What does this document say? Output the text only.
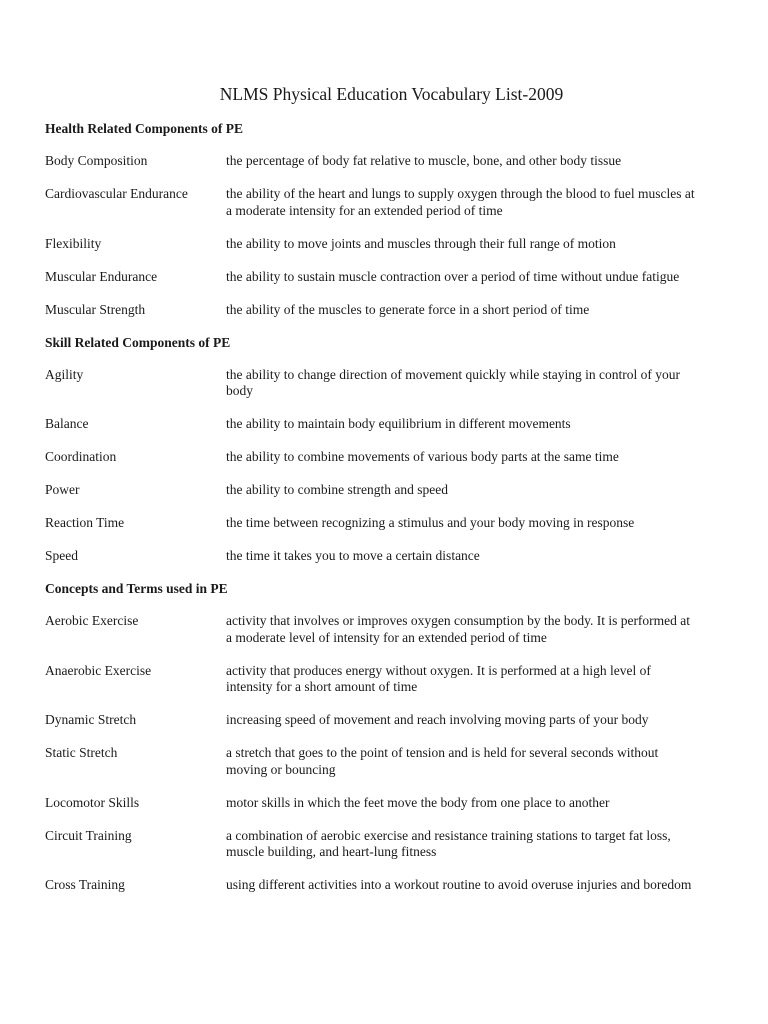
NLMS Physical Education Vocabulary List-2009
Health Related Components of PE
Body Composition	the percentage of body fat relative to muscle, bone, and other body tissue
Cardiovascular Endurance	the ability of the heart and lungs to supply oxygen through the blood to fuel muscles at a moderate intensity for an extended period of time
Flexibility	the ability to move joints and muscles through their full range of motion
Muscular Endurance	the ability to sustain muscle contraction over a period of time without undue fatigue
Muscular Strength	the ability of the muscles to generate force in a short period of time
Skill Related Components of PE
Agility	the ability to change direction of movement quickly while staying in control of your body
Balance	the ability to maintain body equilibrium in different movements
Coordination	the ability to combine movements of various body parts at the same time
Power	the ability to combine strength and speed
Reaction Time	the time between recognizing a stimulus and your body moving in response
Speed	the time it takes you to move a certain distance
Concepts and Terms used in PE
Aerobic Exercise	activity that involves or improves oxygen consumption by the body. It is performed at a moderate level of intensity for an extended period of time
Anaerobic Exercise	activity that produces energy without oxygen. It is performed at a high level of intensity for a short amount of time
Dynamic Stretch	increasing speed of movement and reach involving moving parts of your body
Static Stretch	a stretch that goes to the point of tension and is held for several seconds without moving or bouncing
Locomotor Skills	motor skills in which the feet move the body from one place to another
Circuit Training	a combination of aerobic exercise and resistance training stations to target fat loss, muscle building, and heart-lung fitness
Cross Training	using different activities into a workout routine to avoid overuse injuries and boredom
